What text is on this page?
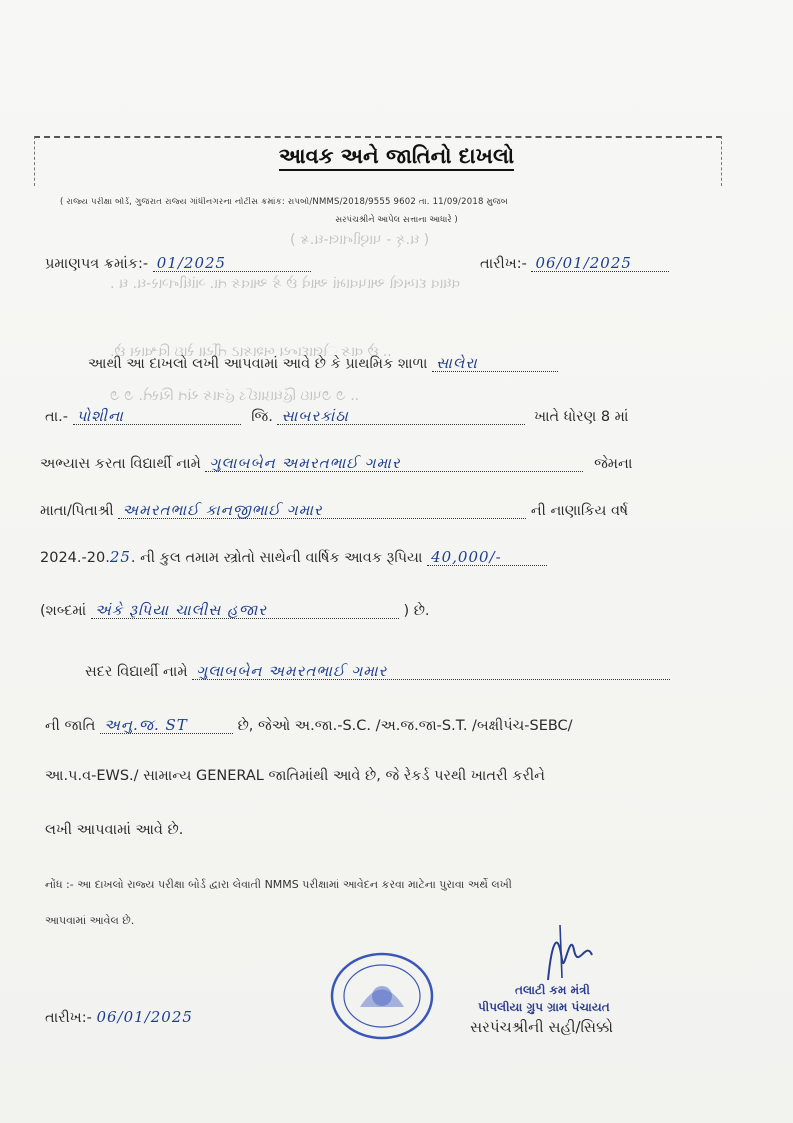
( ઘ.ક્ - ૫ાણીનાલ-ઘ.ક્ર )
વધાવ દાખલો આપવામાં આવે છે કે આવક તા. ગાંધીનગર-ઘ. ઘ .
.. છે વાક ોલાદાન્ય બશકાટ ર્તીયા રેાઇ વિશ્વાસ છે.
.. ૭ ૭૫ાઇ હિંઘાપ્રાઈડ હંત્રાક ચંત ચિસ્તે. ૭ ૭
આવક અને જાતિનો દાખલો
( રાજ્ય પરીક્ષા બોર્ડ, ગુજરાત રાજ્ય ગાંધીનગરના નોટીસ ક્રમાંક: રાપબો/NMMS/2018/9555 9602 તા. 11/09/2018 મુજબ
સરપંચશ્રીને આપેલ સત્તાના આધારે )
પ્રમાણપત્ર ક્રમાંક:- 01/2025	તારીખ:- 06/01/2025
આથી આ દાખલો લખી આપવામાં આવે છે કે પ્રાથમિક શાળા સાલેરા
તા.- પોશીના	જિ. સાબરકાંઠા	ખાતે ધોરણ 8 માં
અભ્યાસ કરતા વિદ્યાર્થી નામે ગુલાબબેન અમરતભાઈ ગમાર	જેમના
માતા/પિતાશ્રી અમરતભાઈ કાનજીભાઈ ગમાર	ની નાણાકિય વર્ષ
2024.-20.25. ની કુલ તમામ સ્ત્રોતો સાથેની વાર્ષિક આવક રૂપિયા 40,000/-
(શબ્દમાં અંકે રૂપિયા ચાલીસ હજાર	) છે.
સદર વિદ્યાર્થી નામે ગુલાબબેન અમરતભાઈ ગમાર
ની જાતિ અનુ.જ. ST	છે, જેઓ અ.જા.-S.C. /અ.જ.જા-S.T. /બક્ષીપંચ-SEBC/
આ.પ.વ-EWS./ સામાન્ય GENERAL જાતિમાંથી આવે છે, જે રેકર્ડ પરથી ખાતરી કરીને
લખી આપવામાં આવે છે.
નોંધ :- આ દાખલો રાજ્ય પરીક્ષા બોર્ડ દ્વારા લેવાતી NMMS પરીક્ષામાં આવેદન કરવા માટેના પુરાવા અર્થે લખી
આપવામાં આવેલ છે.
તલાટી કમ મંત્રી
પીપલીયા ગ્રુપ ગ્રામ પંચાયત
તારીખ:- 06/01/2025
સરપંચશ્રીની સહી/સિક્કો
